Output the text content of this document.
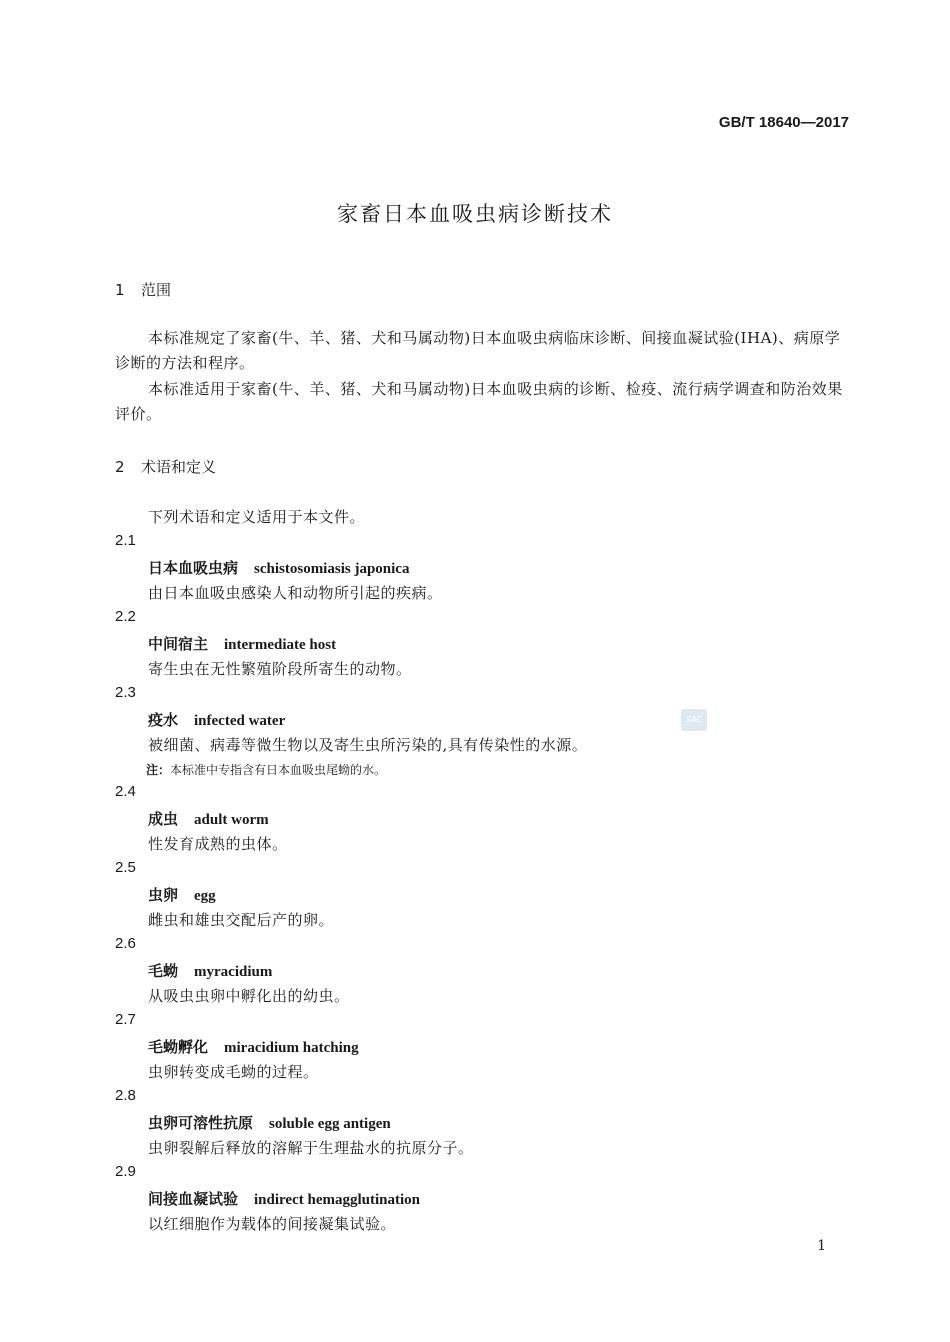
GB/T 18640—2017
家畜日本血吸虫病诊断技术
1 范围
本标准规定了家畜(牛、羊、猪、犬和马属动物)日本血吸虫病临床诊断、间接血凝试验(IHA)、病原学诊断的方法和程序。
本标准适用于家畜(牛、羊、猪、犬和马属动物)日本血吸虫病的诊断、检疫、流行病学调查和防治效果评价。
2 术语和定义
下列术语和定义适用于本文件。
2.1
日本血吸虫病 schistosomiasis japonica
由日本血吸虫感染人和动物所引起的疾病。
2.2
中间宿主 intermediate host
寄生虫在无性繁殖阶段所寄生的动物。
2.3
疫水 infected water
被细菌、病毒等微生物以及寄生虫所污染的,具有传染性的水源。
注：本标准中专指含有日本血吸虫尾蚴的水。
SAC
2.4
成虫 adult worm
性发育成熟的虫体。
2.5
虫卵 egg
雌虫和雄虫交配后产的卵。
2.6
毛蚴 myracidium
从吸虫虫卵中孵化出的幼虫。
2.7
毛蚴孵化 miracidium hatching
虫卵转变成毛蚴的过程。
2.8
虫卵可溶性抗原 soluble egg antigen
虫卵裂解后释放的溶解于生理盐水的抗原分子。
2.9
间接血凝试验 indirect hemagglutination
以红细胞作为载体的间接凝集试验。
1
